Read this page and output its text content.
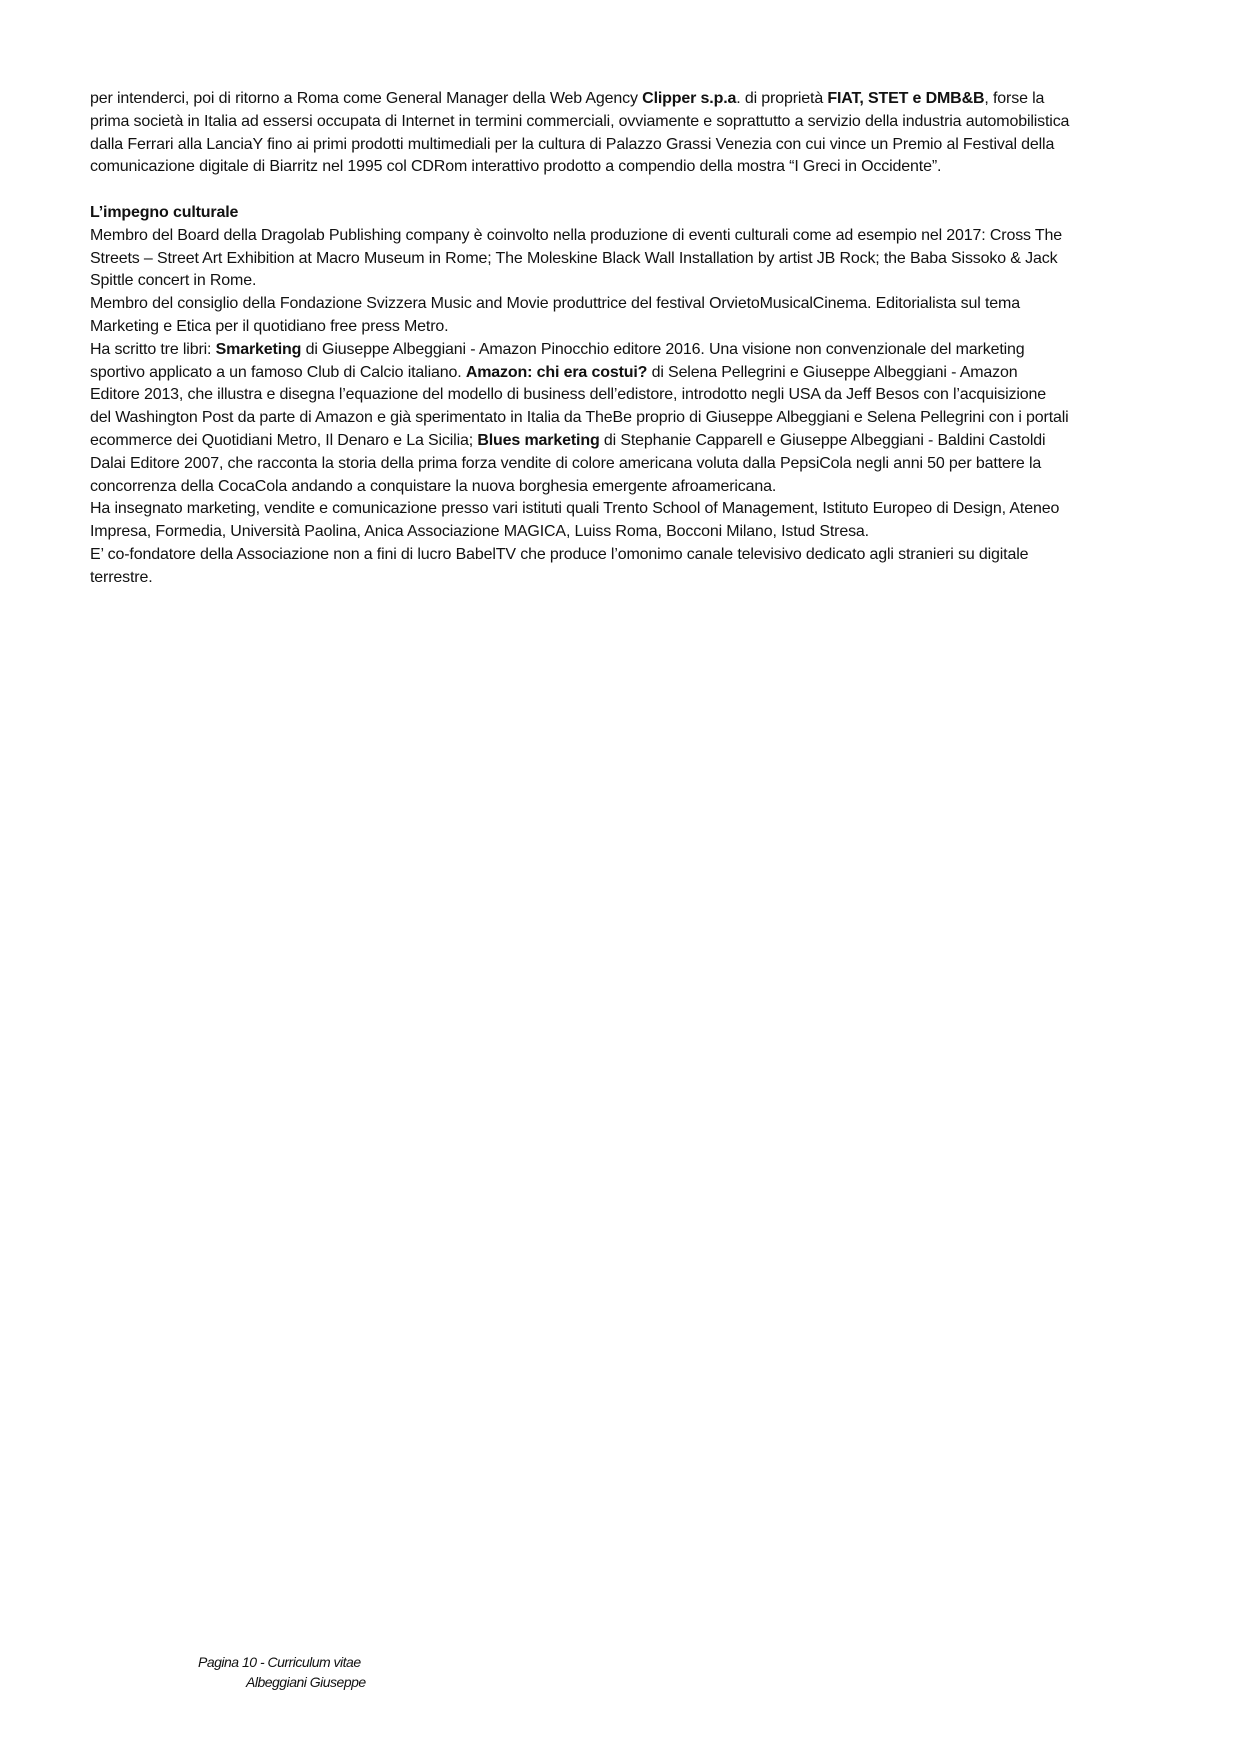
per intenderci, poi di ritorno a Roma come General Manager della Web Agency Clipper s.p.a. di proprietà FIAT, STET e DMB&B, forse la prima società in Italia ad essersi occupata di Internet in termini commerciali, ovviamente e soprattutto a servizio della industria automobilistica dalla Ferrari alla LanciaY fino ai primi prodotti multimediali per la cultura di Palazzo Grassi Venezia con cui vince un Premio al Festival della comunicazione digitale di Biarritz nel 1995 col CDRom interattivo prodotto a compendio della mostra “I Greci in Occidente”.

L’impegno culturale

Membro del Board della Dragolab Publishing company è coinvolto nella produzione di eventi culturali come ad esempio nel 2017: Cross The Streets – Street Art Exhibition at Macro Museum in Rome; The Moleskine Black Wall Installation by artist JB Rock; the Baba Sissoko & Jack Spittle concert in Rome.

Membro del consiglio della Fondazione Svizzera Music and Movie produttrice del festival OrvietoMusicalCinema. Editorialista sul tema Marketing e Etica per il quotidiano free press Metro.

Ha scritto tre libri: Smarketing di Giuseppe Albeggiani - Amazon Pinocchio editore 2016. Una visione non convenzionale del marketing sportivo applicato a un famoso Club di Calcio italiano. Amazon: chi era costui? di Selena Pellegrini e Giuseppe Albeggiani - Amazon Editore 2013, che illustra e disegna l’equazione del modello di business dell’edistore, introdotto negli USA da Jeff Besos con l’acquisizione del Washington Post da parte di Amazon e già sperimentato in Italia da TheBe proprio di Giuseppe Albeggiani e Selena Pellegrini con i portali ecommerce dei Quotidiani Metro, Il Denaro e La Sicilia; Blues marketing di Stephanie Capparell e Giuseppe Albeggiani - Baldini Castoldi Dalai Editore 2007, che racconta la storia della prima forza vendite di colore americana voluta dalla PepsiCola negli anni 50 per battere la concorrenza della CocaCola andando a conquistare la nuova borghesia emergente afroamericana.

Ha insegnato marketing, vendite e comunicazione presso vari istituti quali Trento School of Management, Istituto Europeo di Design, Ateneo Impresa, Formedia, Università Paolina, Anica Associazione MAGICA, Luiss Roma, Bocconi Milano, Istud Stresa.

E’ co-fondatore della Associazione non a fini di lucro BabelTV che produce l’omonimo canale televisivo dedicato agli stranieri su digitale terrestre.

Pagina 10 - Curriculum vitae
Albeggiani Giuseppe
